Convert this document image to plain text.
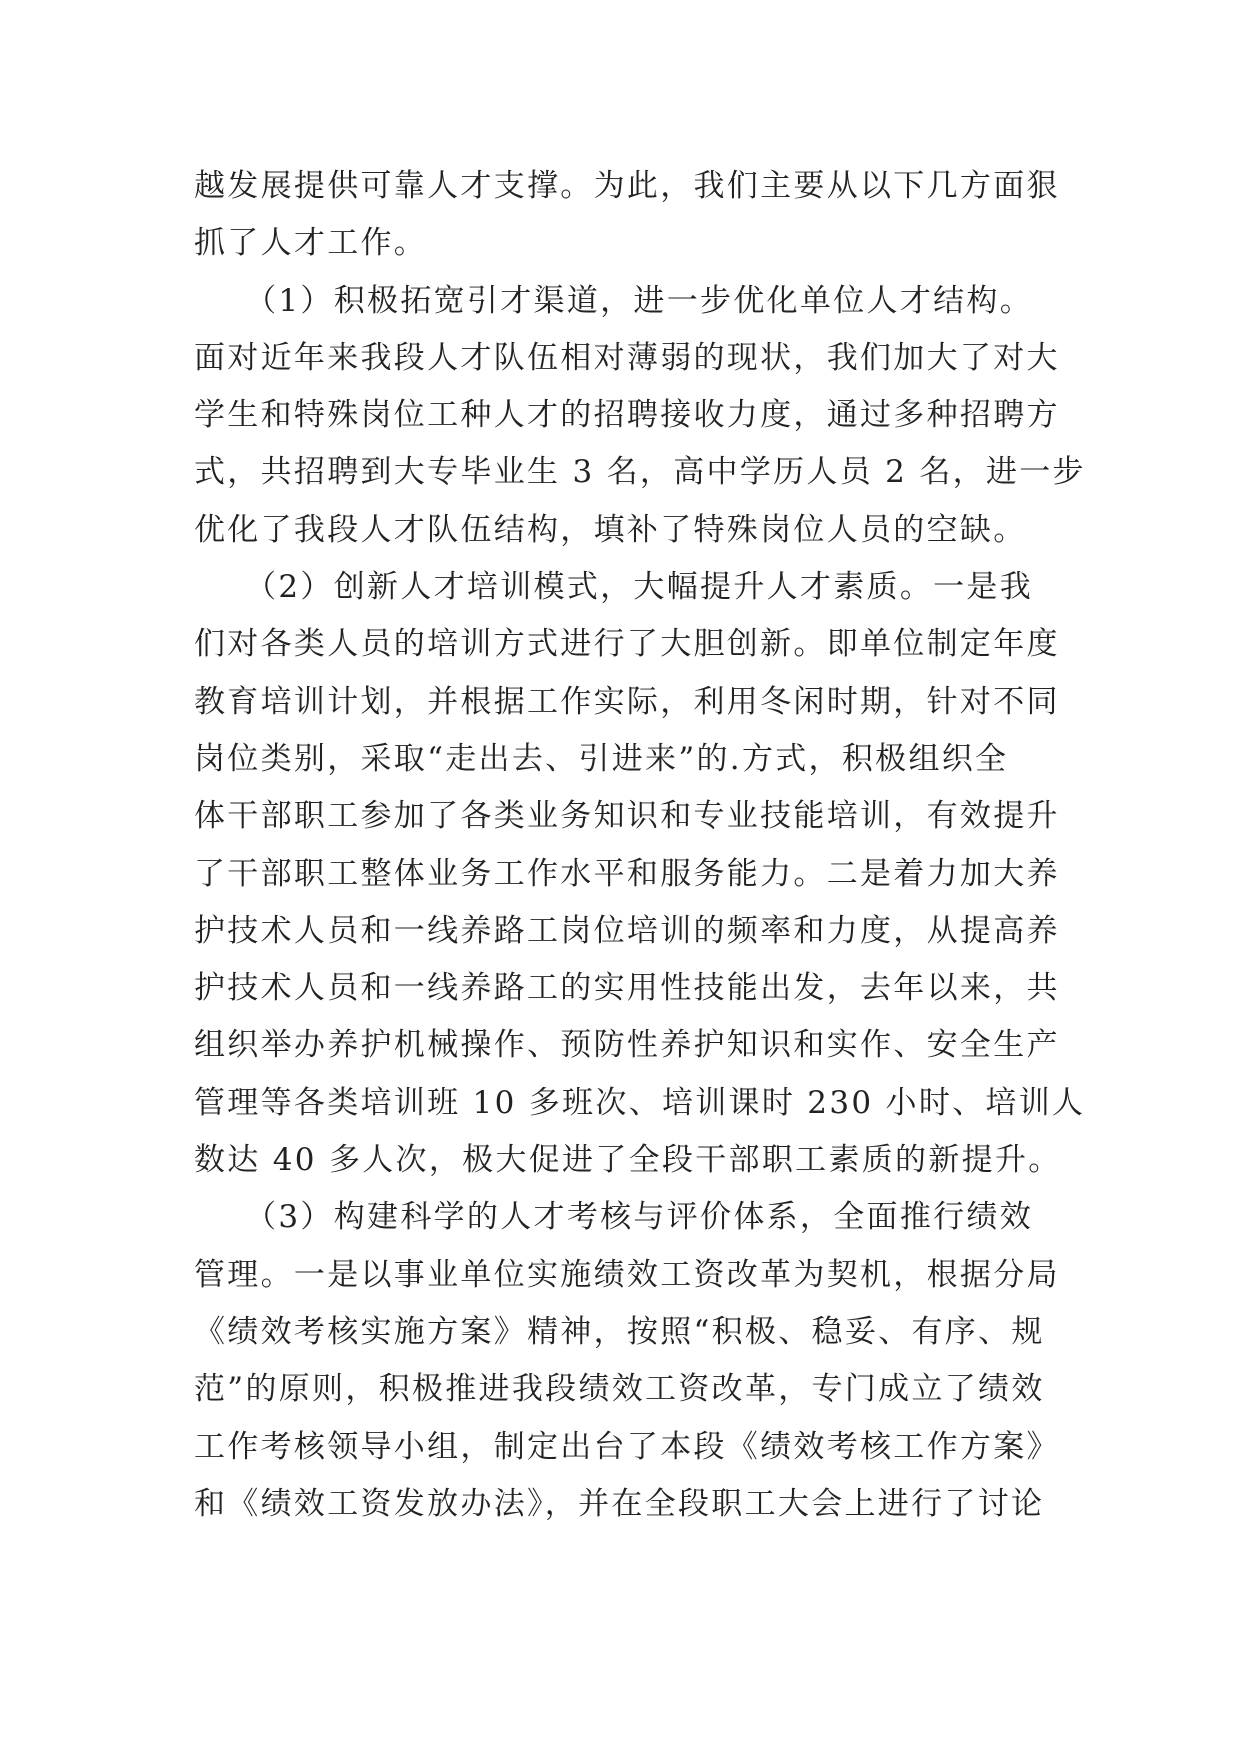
越发展提供可靠人才支撑。为此，我们主要从以下几方面狠
抓了人才工作。
　　（1）积极拓宽引才渠道，进一步优化单位人才结构。
面对近年来我段人才队伍相对薄弱的现状，我们加大了对大
学生和特殊岗位工种人才的招聘接收力度，通过多种招聘方
式，共招聘到大专毕业生 3 名，高中学历人员 2 名，进一步
优化了我段人才队伍结构，填补了特殊岗位人员的空缺。
　　（2）创新人才培训模式，大幅提升人才素质。一是我
们对各类人员的培训方式进行了大胆创新。即单位制定年度
教育培训计划，并根据工作实际，利用冬闲时期，针对不同
岗位类别，采取“走出去、引进来”的.方式，积极组织全
体干部职工参加了各类业务知识和专业技能培训，有效提升
了干部职工整体业务工作水平和服务能力。二是着力加大养
护技术人员和一线养路工岗位培训的频率和力度，从提高养
护技术人员和一线养路工的实用性技能出发，去年以来，共
组织举办养护机械操作、预防性养护知识和实作、安全生产
管理等各类培训班 10 多班次、培训课时 230 小时、培训人
数达 40 多人次，极大促进了全段干部职工素质的新提升。
　　（3）构建科学的人才考核与评价体系，全面推行绩效
管理。一是以事业单位实施绩效工资改革为契机，根据分局
《绩效考核实施方案》精神，按照“积极、稳妥、有序、规
范”的原则，积极推进我段绩效工资改革，专门成立了绩效
工作考核领导小组，制定出台了本段《绩效考核工作方案》
和《绩效工资发放办法》，并在全段职工大会上进行了讨论
